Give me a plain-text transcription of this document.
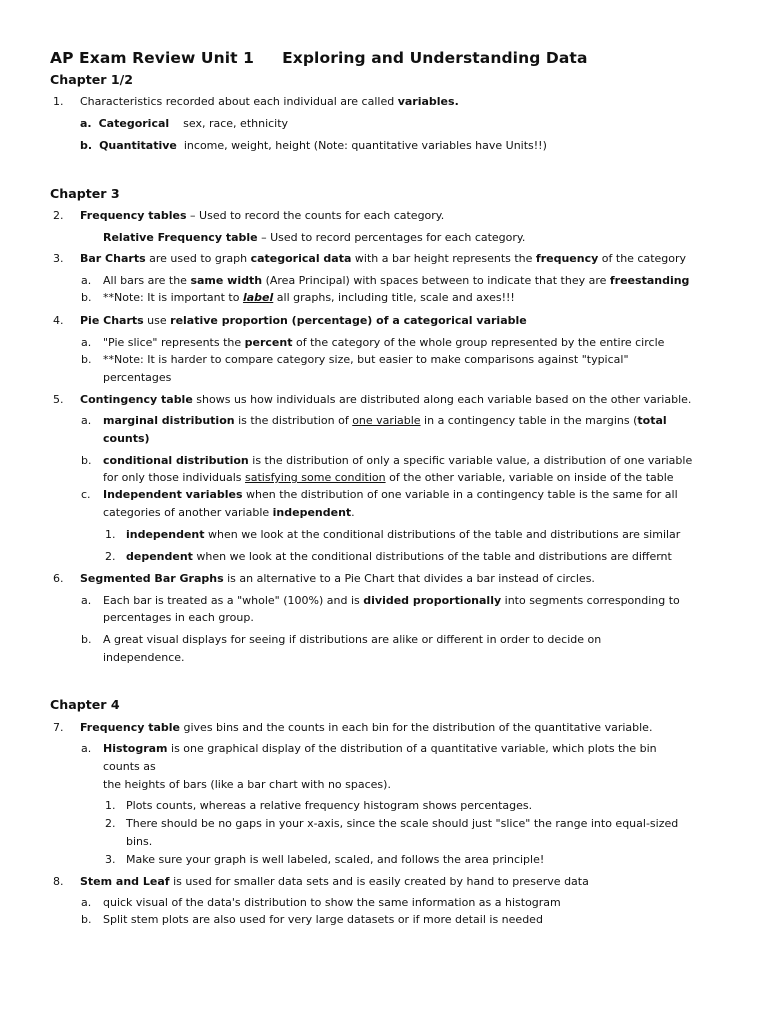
AP Exam Review Unit 1 Exploring and Understanding Data
Chapter 1/2
1. Characteristics recorded about each individual are called variables.
a. Categorical sex, race, ethnicity
b. Quantitative income, weight, height (Note: quantitative variables have Units!!)
Chapter 3
2. Frequency tables – Used to record the counts for each category.
Relative Frequency table – Used to record percentages for each category.
3. Bar Charts are used to graph categorical data with a bar height represents the frequency of the category
a. All bars are the same width (Area Principal) with spaces between to indicate that they are freestanding
b. **Note: It is important to label all graphs, including title, scale and axes!!!
4. Pie Charts use relative proportion (percentage) of a categorical variable
a. "Pie slice" represents the percent of the category of the whole group represented by the entire circle
b. **Note: It is harder to compare category size, but easier to make comparisons against "typical"
percentages
5. Contingency table shows us how individuals are distributed along each variable based on the other variable.
a. marginal distribution is the distribution of one variable in a contingency table in the margins (total
counts)
b. conditional distribution is the distribution of only a specific variable value, a distribution of one variable
for only those individuals satisfying some condition of the other variable, variable on inside of the table
c. Independent variables when the distribution of one variable in a contingency table is the same for all
categories of another variable independent.
1. independent when we look at the conditional distributions of the table and distributions are similar
2. dependent when we look at the conditional distributions of the table and distributions are differnt
6. Segmented Bar Graphs is an alternative to a Pie Chart that divides a bar instead of circles.
a. Each bar is treated as a "whole" (100%) and is divided proportionally into segments corresponding to
percentages in each group.
b. A great visual displays for seeing if distributions are alike or different in order to decide on
independence.
Chapter 4
7. Frequency table gives bins and the counts in each bin for the distribution of the quantitative variable.
a. Histogram is one graphical display of the distribution of a quantitative variable, which plots the bin
counts as
the heights of bars (like a bar chart with no spaces).
1. Plots counts, whereas a relative frequency histogram shows percentages.
2. There should be no gaps in your x-axis, since the scale should just "slice" the range into equal-sized
bins.
3. Make sure your graph is well labeled, scaled, and follows the area principle!
8. Stem and Leaf is used for smaller data sets and is easily created by hand to preserve data
a. quick visual of the data's distribution to show the same information as a histogram
b. Split stem plots are also used for very large datasets or if more detail is needed
